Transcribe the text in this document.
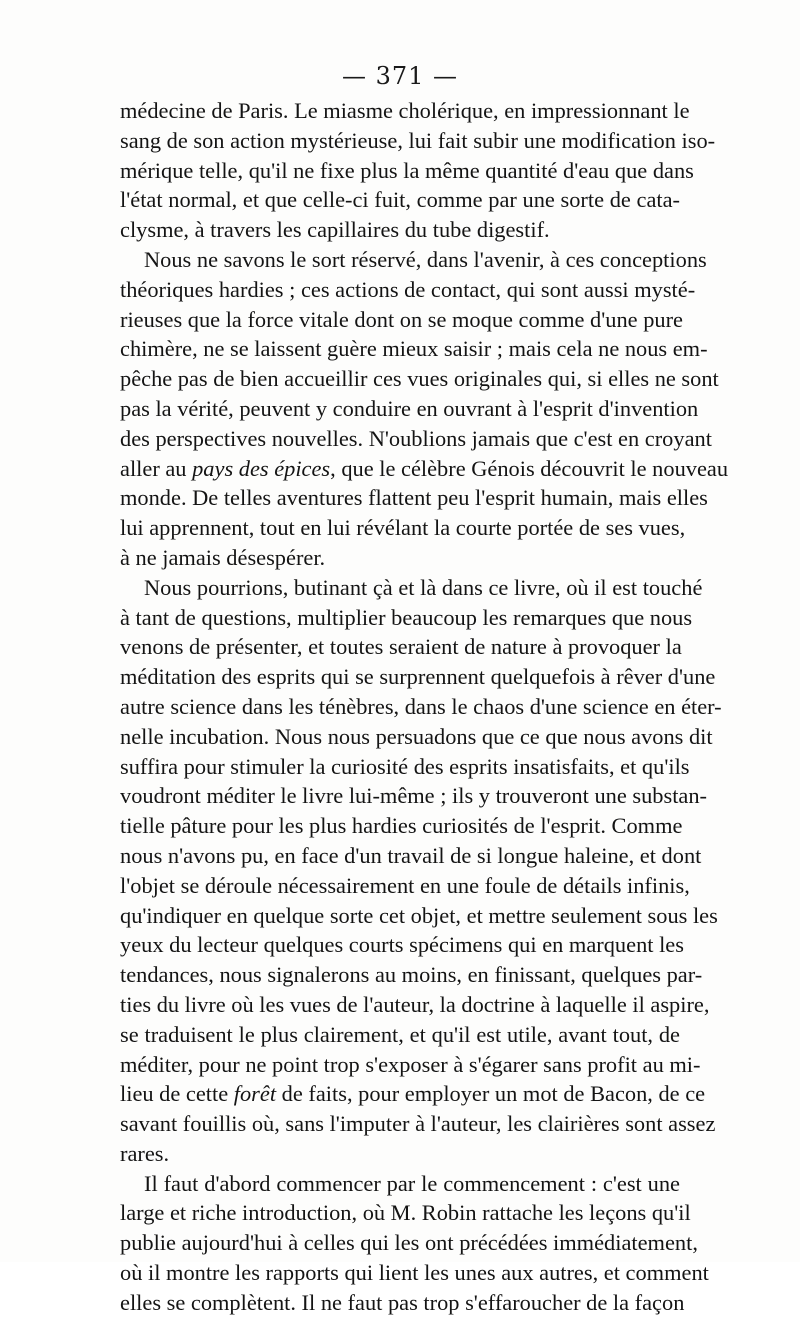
— 371 —
médecine de Paris. Le miasme cholérique, en impressionnant le
sang de son action mystérieuse, lui fait subir une modification iso-
mérique telle, qu'il ne fixe plus la même quantité d'eau que dans
l'état normal, et que celle-ci fuit, comme par une sorte de cata-
clysme, à travers les capillaires du tube digestif.
Nous ne savons le sort réservé, dans l'avenir, à ces conceptions
théoriques hardies ; ces actions de contact, qui sont aussi mysté-
rieuses que la force vitale dont on se moque comme d'une pure
chimère, ne se laissent guère mieux saisir ; mais cela ne nous em-
pêche pas de bien accueillir ces vues originales qui, si elles ne sont
pas la vérité, peuvent y conduire en ouvrant à l'esprit d'invention
des perspectives nouvelles. N'oublions jamais que c'est en croyant
aller au pays des épices, que le célèbre Génois découvrit le nouveau
monde. De telles aventures flattent peu l'esprit humain, mais elles
lui apprennent, tout en lui révélant la courte portée de ses vues,
à ne jamais désespérer.
Nous pourrions, butinant çà et là dans ce livre, où il est touché
à tant de questions, multiplier beaucoup les remarques que nous
venons de présenter, et toutes seraient de nature à provoquer la
méditation des esprits qui se surprennent quelquefois à rêver d'une
autre science dans les ténèbres, dans le chaos d'une science en éter-
nelle incubation. Nous nous persuadons que ce que nous avons dit
suffira pour stimuler la curiosité des esprits insatisfaits, et qu'ils
voudront méditer le livre lui-même ; ils y trouveront une substan-
tielle pâture pour les plus hardies curiosités de l'esprit. Comme
nous n'avons pu, en face d'un travail de si longue haleine, et dont
l'objet se déroule nécessairement en une foule de détails infinis,
qu'indiquer en quelque sorte cet objet, et mettre seulement sous les
yeux du lecteur quelques courts spécimens qui en marquent les
tendances, nous signalerons au moins, en finissant, quelques par-
ties du livre où les vues de l'auteur, la doctrine à laquelle il aspire,
se traduisent le plus clairement, et qu'il est utile, avant tout, de
méditer, pour ne point trop s'exposer à s'égarer sans profit au mi-
lieu de cette forêt de faits, pour employer un mot de Bacon, de ce
savant fouillis où, sans l'imputer à l'auteur, les clairières sont assez
rares.
Il faut d'abord commencer par le commencement : c'est une
large et riche introduction, où M. Robin rattache les leçons qu'il
publie aujourd'hui à celles qui les ont précédées immédiatement,
où il montre les rapports qui lient les unes aux autres, et comment
elles se complètent. Il ne faut pas trop s'effaroucher de la façon
